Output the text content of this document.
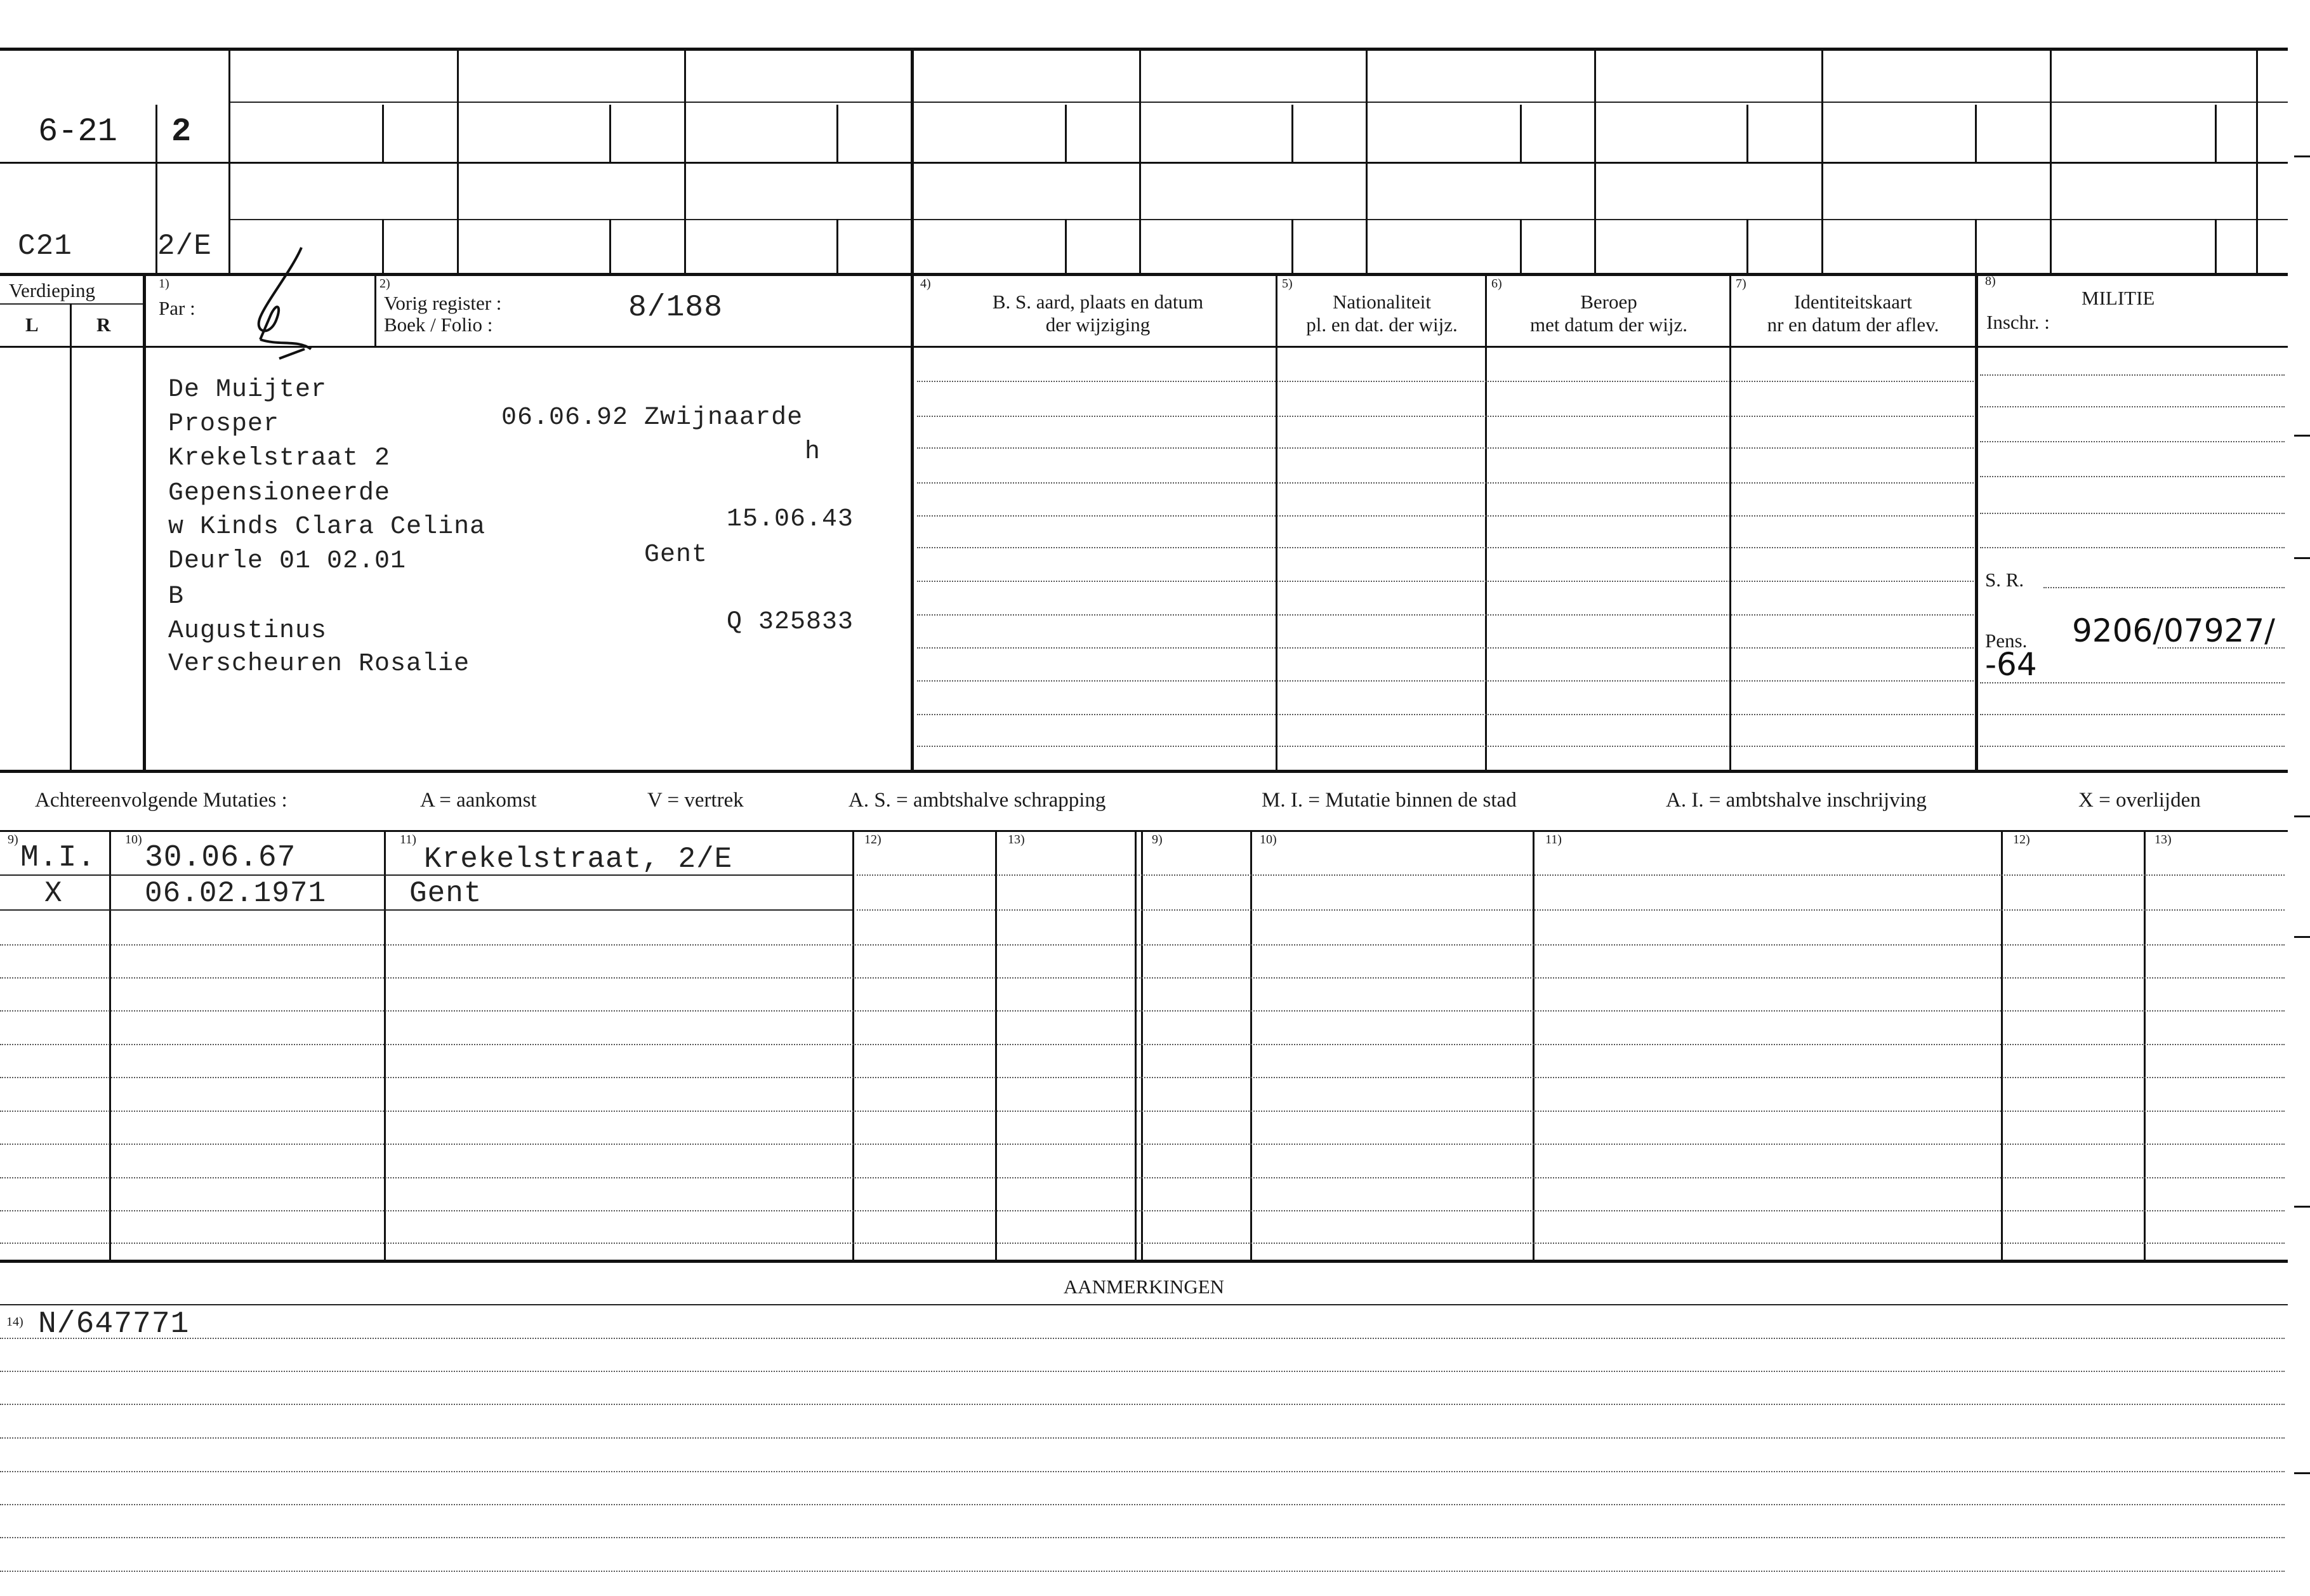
6-21 2
C21	2/E
Verdieping
L	R
1)
Par :
2)
Vorig register :
Boek / Folio :	8/188
4)
B. S. aard, plaats en datum
der wijziging
5)
Nationaliteit
pl. en dat. der wijz.
6)
Beroep
met datum der wijz.
7)
Identiteitskaart
nr en datum der aflev.
8)
MILITIE
Inschr. :
S. R.
Pens. 9206/07927/
-64
De Muijter
Prosper	06.06.92 Zwijnaarde
h
Krekelstraat 2
Gepensioneerde
w Kinds Clara Celina	15.06.43
Deurle 01 02.01	Gent
B
Augustinus	Q 325833
Verscheuren Rosalie
Achtereenvolgende Mutaties :	A = aankomst	V = vertrek	A. S. = ambtshalve schrapping	M. I. = Mutatie binnen de stad	A. I. = ambtshalve inschrijving	X = overlijden
9)	10)	11)	12)	13)	9)	10)	11)	12)	13)
M.I. 30.06.67	Krekelstraat, 2/E
X	06.02.1971	Gent
AANMERKINGEN
14) N/647771
